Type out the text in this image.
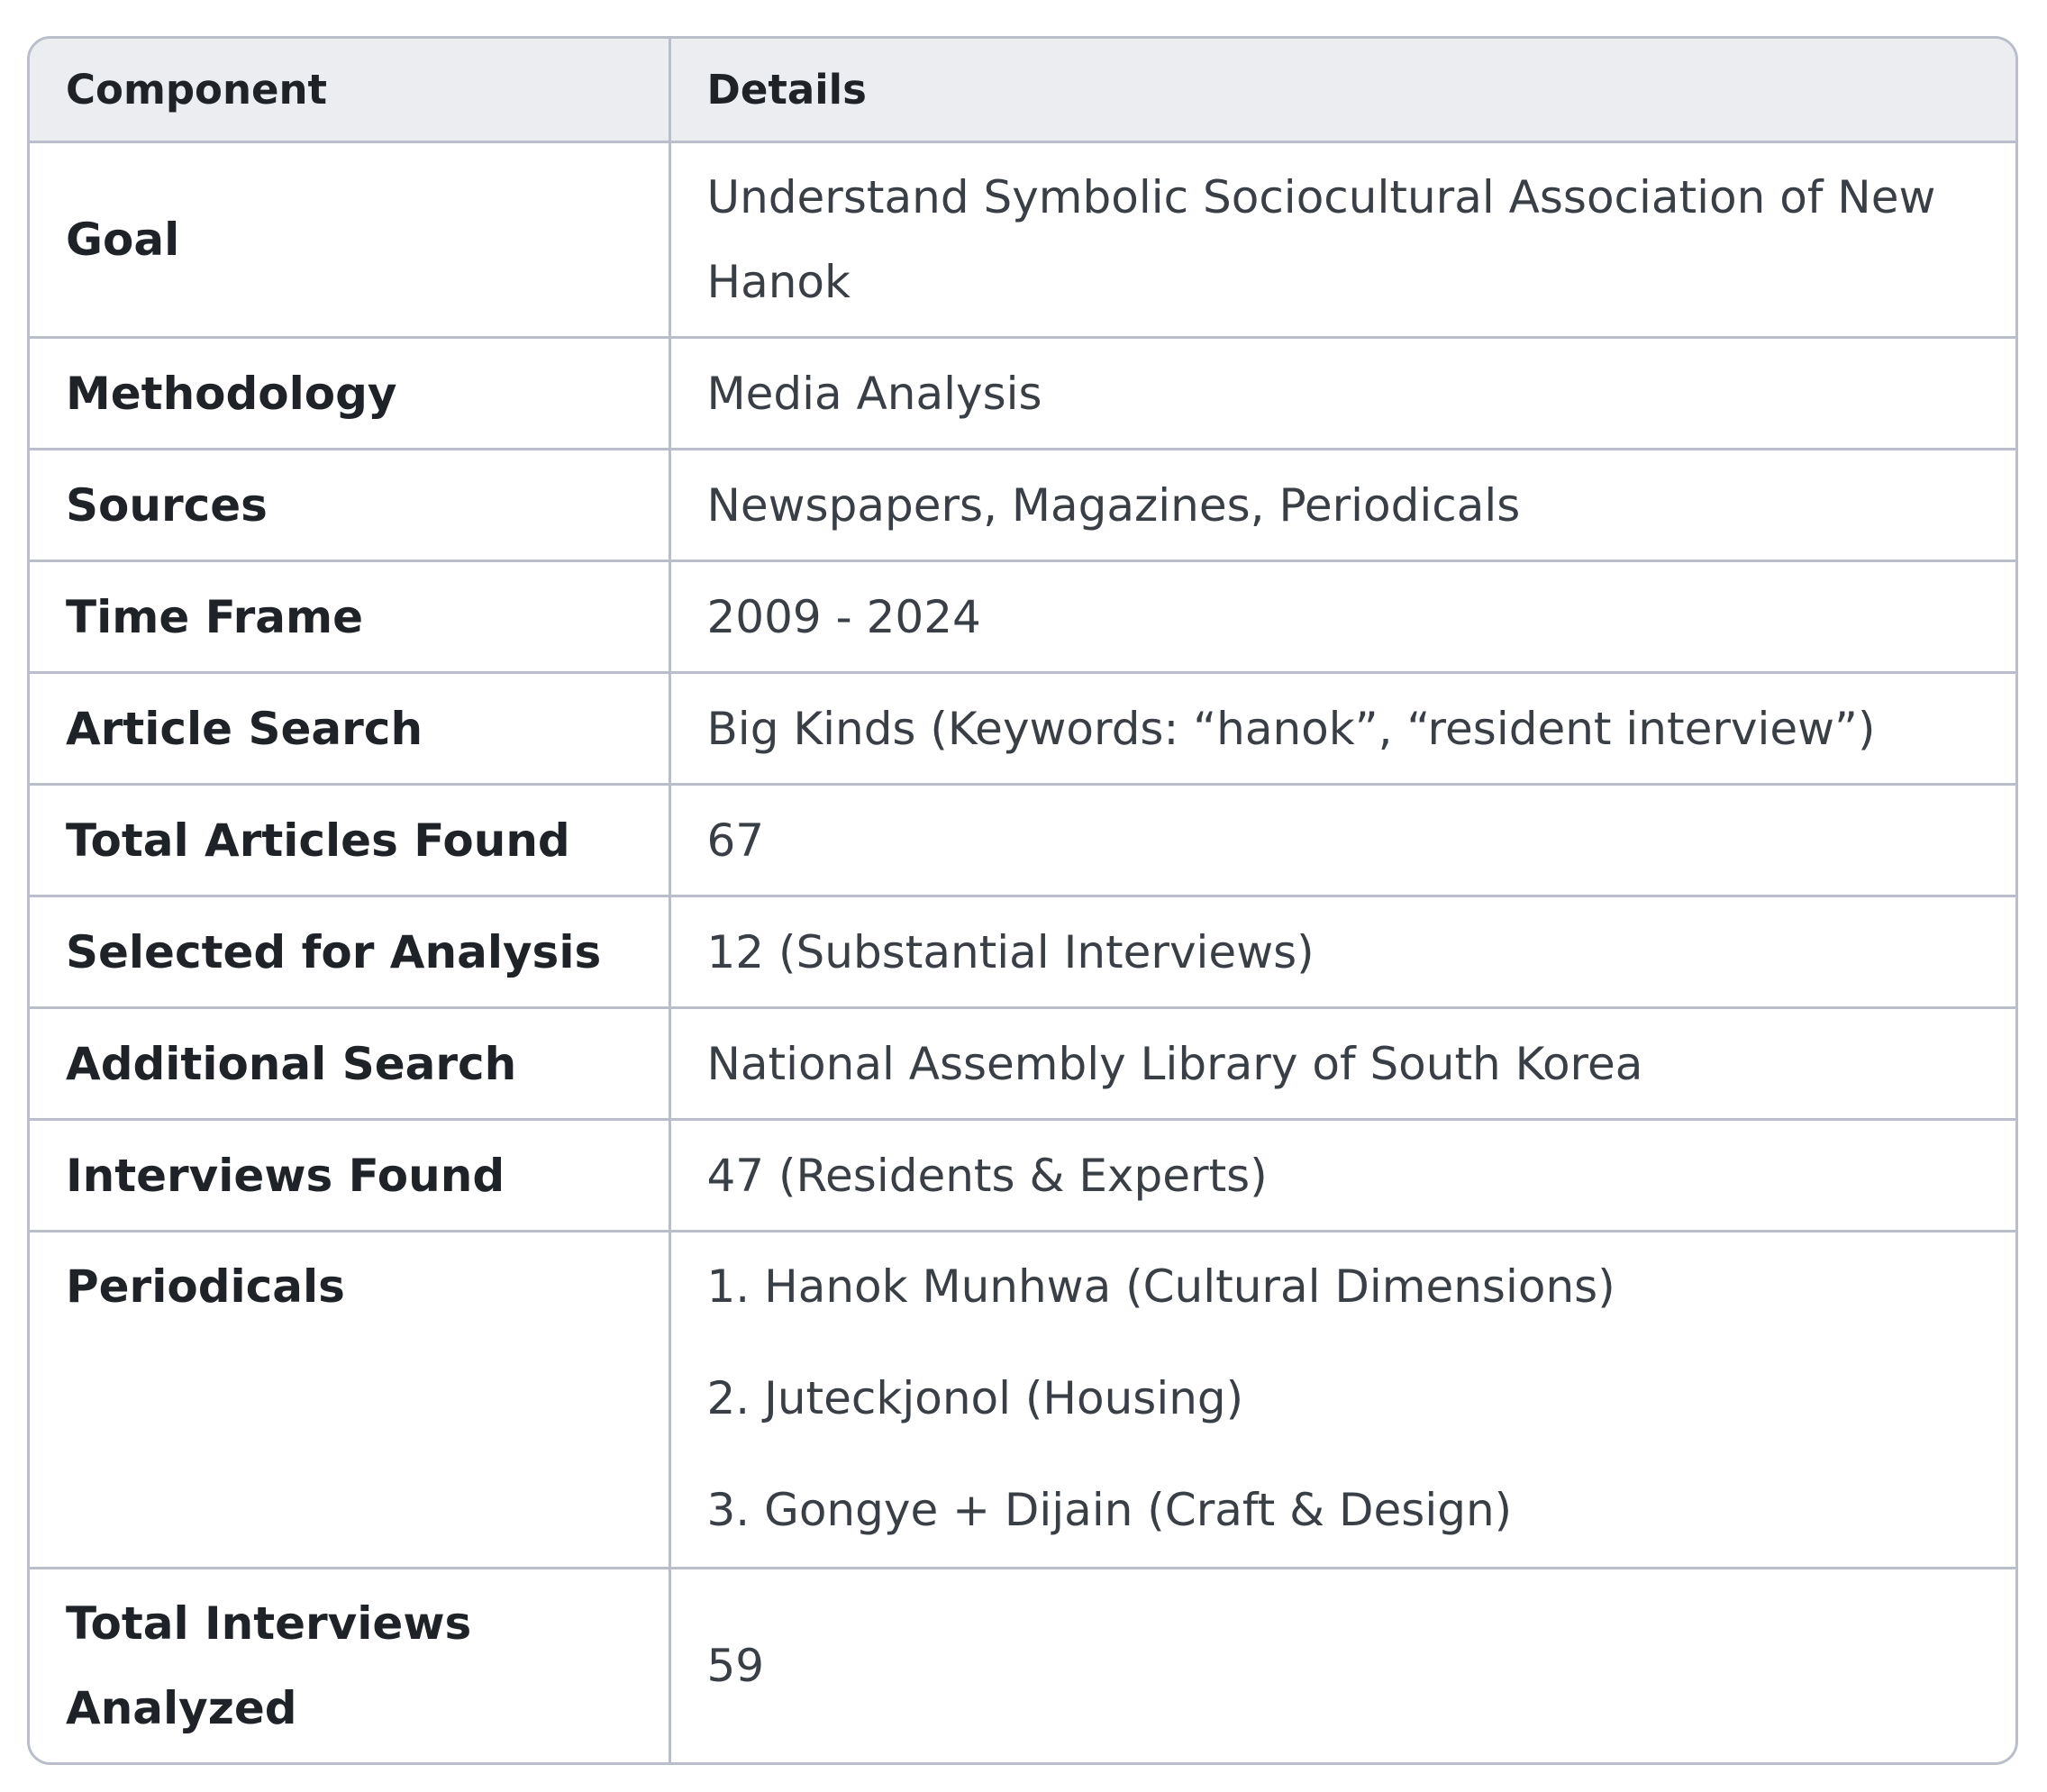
Component	Details
Goal	Understand Symbolic Sociocultural Association of New Hanok
Methodology	Media Analysis
Sources	Newspapers, Magazines, Periodicals
Time Frame	2009 - 2024
Article Search	Big Kinds (Keywords: “hanok”, “resident interview”)
Total Articles Found	67
Selected for Analysis	12 (Substantial Interviews)
Additional Search	National Assembly Library of South Korea
Interviews Found	47 (Residents & Experts)
Periodicals	1. Hanok Munhwa (Cultural Dimensions)
2. Juteckjonol (Housing)
3. Gongye + Dijain (Craft & Design)

Total Interviews Analyzed	59
